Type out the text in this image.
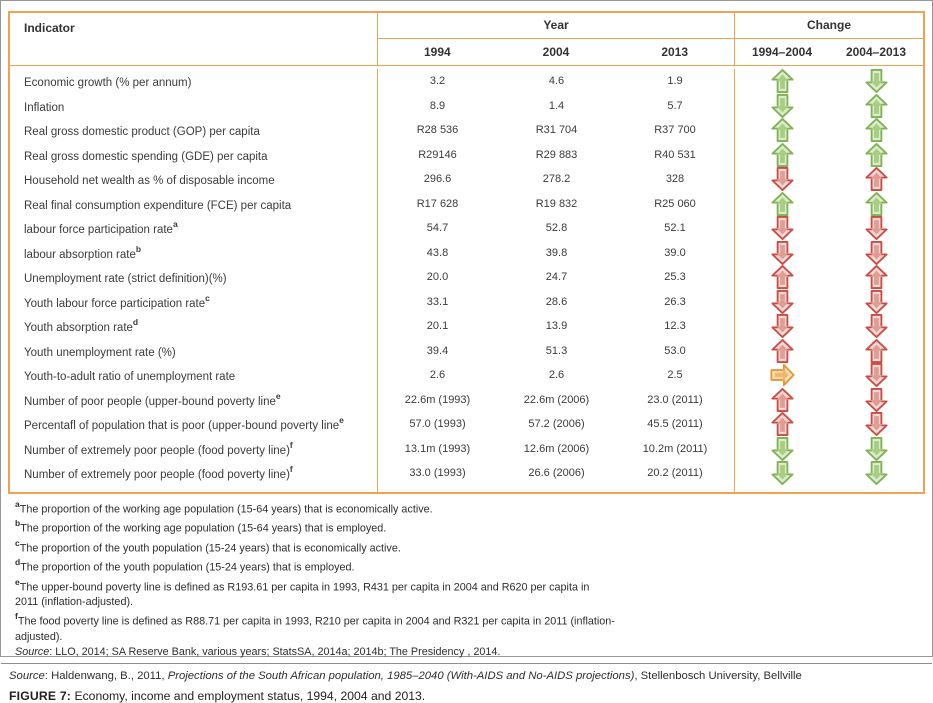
Indicator	Year
1994	2004	2013
Change
1994–2004	2004–2013
Economic growth (% per annum)	3.2	4.6	1.9
Inflation	8.9	1.4	5.7
Real gross domestic product (GOP) per capita	R28 536	R31 704	R37 700
Real gross domestic spending (GDE) per capita	R29146	R29 883	R40 531
Household net wealth as % of disposable income	296.6	278.2	328
Real final consumption expenditure (FCE) per capita	R17 628	R19 832	R25 060
labour force participation rate$^a$	54.7	52.8	52.1
labour absorption rate$^b$	43.8	39.8	39.0
Unemployment rate (strict definition)(%)	20.0	24.7	25.3
Youth labour force participation rate$^c$	33.1	28.6	26.3
Youth absorption rate$^d$	20.1	13.9	12.3
Youth unemployment rate (%)	39.4	51.3	53.0
Youth-to-adult ratio of unemployment rate	2.6	2.6	2.5
Number of poor people (upper-bound poverty line$^e$	22.6m (1993)	22.6m (2006)	23.0 (2011)
Percentafl of population that is poor (upper-bound poverty line$^e$	57.0 (1993)	57.2 (2006)	45.5 (2011)
Number of extremely poor people (food poverty line)$^f$	13.1m (1993)	12.6m (2006)	10.2m (2011)
Number of extremely poor people (food poverty line)$^f$	33.0 (1993)	26.6 (2006)	20.2 (2011)
$^a$The proportion of the working age population (15-64 years) that is economically active.
$^b$The proportion of the working age population (15-64 years) that is employed.
$^c$The proportion of the youth population (15-24 years) that is economically active.
$^d$The proportion of the youth population (15-24 years) that is employed.
$^e$The upper-bound poverty line is defined as R193.61 per capita in 1993, R431 per capita in 2004 and R620 per capita in 2011 (inflation-adjusted).
$^f$The food poverty line is defined as R88.71 per capita in 1993, R210 per capita in 2004 and R321 per capita in 2011 (inflation-adjusted).
Source: LLO, 2014; SA Reserve Bank, various years; StatsSA, 2014a; 2014b; The Presidency , 2014.
Source: Haldenwang, B., 2011, Projections of the South African population, 1985–2040 (With-AIDS and No-AIDS projections), Stellenbosch University, Bellville
FIGURE 7: Economy, income and employment status, 1994, 2004 and 2013.
